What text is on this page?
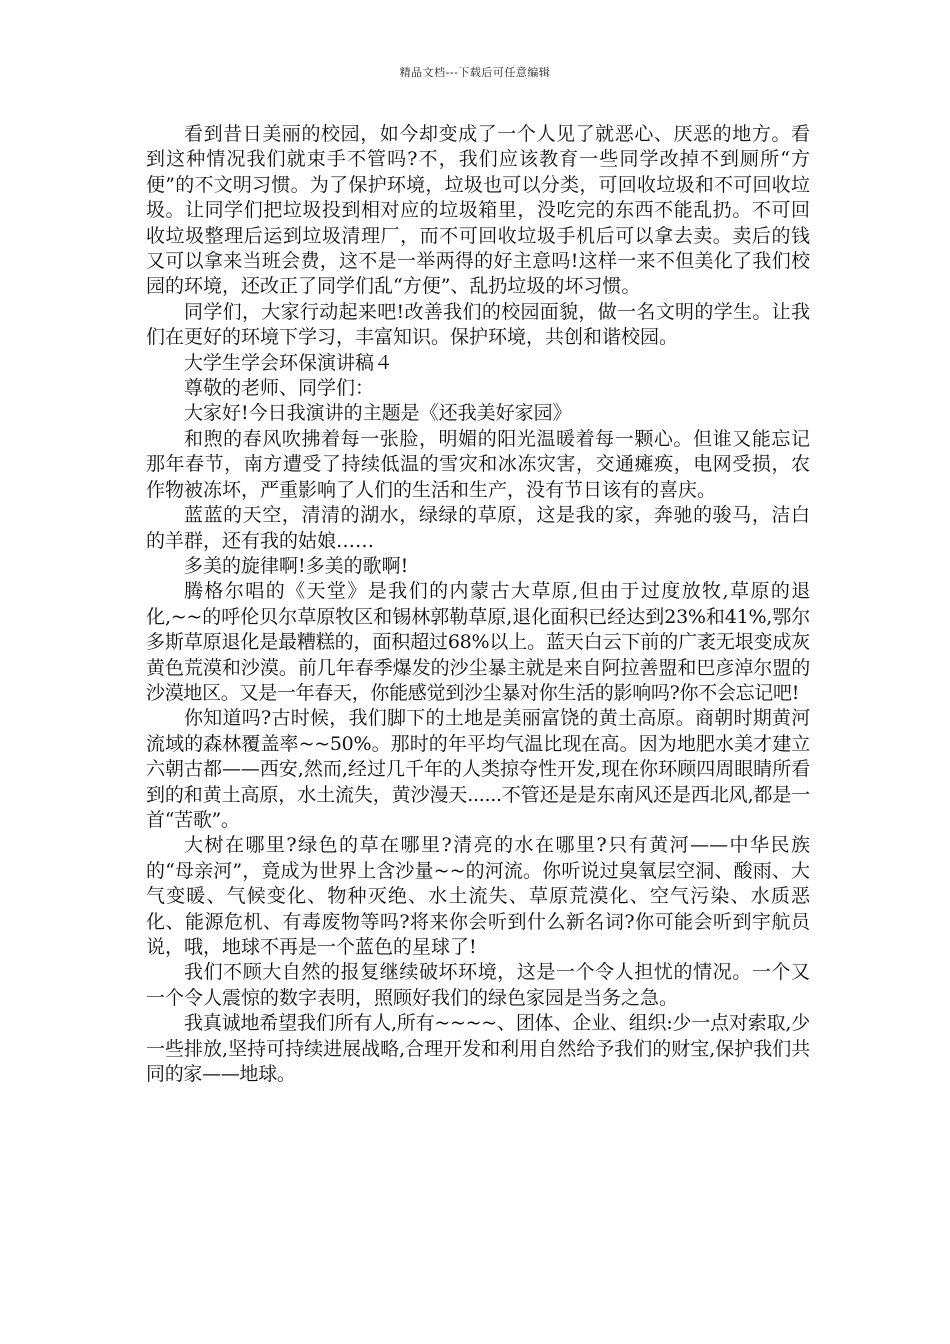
精品文档---下载后可任意编辑

看到昔日美丽的校园，如今却变成了一个人见了就恶心、厌恶的地方。看到这种情况我们就束手不管吗?不，我们应该教育一些同学改掉不到厕所“方便”的不文明习惯。为了保护环境，垃圾也可以分类，可回收垃圾和不可回收垃圾。让同学们把垃圾投到相对应的垃圾箱里，没吃完的东西不能乱扔。不可回收垃圾整理后运到垃圾清理厂，而不可回收垃圾手机后可以拿去卖。卖后的钱又可以拿来当班会费，这不是一举两得的好主意吗!这样一来不但美化了我们校园的环境，还改正了同学们乱“方便”、乱扔垃圾的坏习惯。

同学们，大家行动起来吧!改善我们的校园面貌，做一名文明的学生。让我们在更好的环境下学习，丰富知识。保护环境，共创和谐校园。

大学生学会环保演讲稿４

尊敬的老师、同学们：

大家好!今日我演讲的主题是《还我美好家园》

和煦的春风吹拂着每一张脸，明媚的阳光温暖着每一颗心。但谁又能忘记那年春节，南方遭受了持续低温的雪灾和冰冻灾害，交通瘫痪，电网受损，农作物被冻坏，严重影响了人们的生活和生产，没有节日该有的喜庆。

蓝蓝的天空，清清的湖水，绿绿的草原，这是我的家，奔驰的骏马，洁白的羊群，还有我的姑娘……

多美的旋律啊!多美的歌啊!

腾格尔唱的《天堂》是我们的内蒙古大草原,但由于过度放牧,草原的退化,~~的呼伦贝尔草原牧区和锡林郭勒草原,退化面积已经达到23%和41%,鄂尔多斯草原退化是最糟糕的，面积超过68%以上。蓝天白云下前的广袤无垠变成灰黄色荒漠和沙漠。前几年春季爆发的沙尘暴主就是来自阿拉善盟和巴彦淖尔盟的沙漠地区。又是一年春天，你能感觉到沙尘暴对你生活的影响吗?你不会忘记吧!

你知道吗?古时候，我们脚下的土地是美丽富饶的黄土高原。商朝时期黄河流域的森林覆盖率~~50%。那时的年平均气温比现在高。因为地肥水美才建立六朝古都——西安,然而,经过几千年的人类掠夺性开发,现在你环顾四周眼睛所看到的和黄土高原，水土流失，黄沙漫天......不管还是是东南风还是西北风,都是一首“苦歌”。

大树在哪里?绿色的草在哪里?清亮的水在哪里?只有黄河——中华民族的“母亲河”，竟成为世界上含沙量~~的河流。你听说过臭氧层空洞、酸雨、大气变暖、气候变化、物种灭绝、水土流失、草原荒漠化、空气污染、水质恶化、能源危机、有毒废物等吗?将来你会听到什么新名词?你可能会听到宇航员说，哦，地球不再是一个蓝色的星球了!

我们不顾大自然的报复继续破坏环境，这是一个令人担忧的情况。一个又一个令人震惊的数字表明，照顾好我们的绿色家园是当务之急。

我真诚地希望我们所有人,所有~~~~、团体、企业、组织:少一点对索取,少一些排放,坚持可持续进展战略,合理开发和利用自然给予我们的财宝,保护我们共同的家——地球。
